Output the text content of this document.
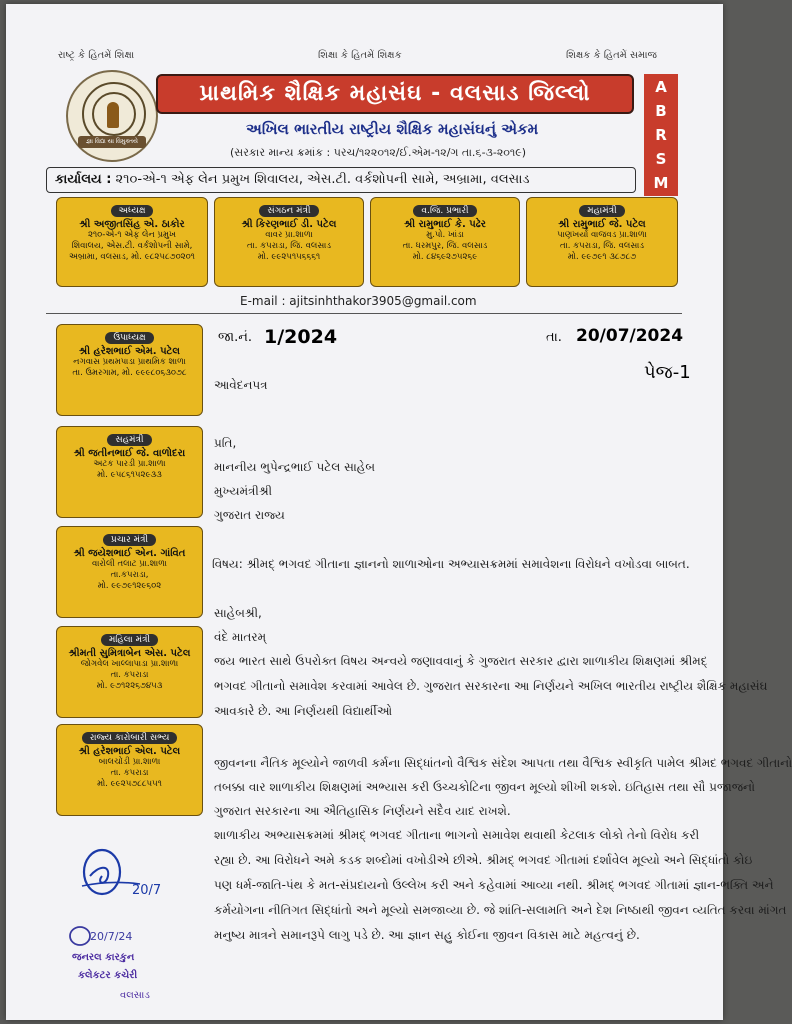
રાષ્ટ્ર કે હિતમેં શિક્ષા	શિક્ષા કે હિતમેં શિક્ષક	શિક્ષક કે હિતમેં સમાજ
જ્ઞા વિદ્યા યા વિમુક્તયે
પ્રાથમિક શૈક્ષિક મહાસંઘ - વલસાડ જિલ્લો	A
B
R
S
M
અખિલ ભારતીય રાષ્ટ્રીય શૈક્ષિક મહાસંઘનું એકમ
(સરકાર માન્ય ક્રમાંક : પરચ/૧૨૨૦૧૨/ઈ.એમ-૧૨/ગ તા.૬-૩-૨૦૧૯)
કાર્યાલય : ૨૧૦-એ-૧ એફ લેન પ્રમુખ શિવાલય, એસ.ટી. વર્કશોપની સામે, અબ્રામા, વલસાડ
અધ્યક્ષ
શ્રી અજીતસિંહ એ. ઠાકોર
૨૧૦-એ-૧ એફ લેન પ્રમુખ
શિવાલય, એસ.ટી. વર્કશોપની સામે,
અબ્રામા, વલસાડ, મો. ૯૮૨૫૮૭૦૨૦૧
સંગઠન મંત્રી
શ્રી કિરણભાઈ ડી. પટેલ
વાવર પ્રા.શાળા
તા. કપરાડા, જિ. વલસાડ
મો. ૯૯૨૫૧૫૬૬૬૧
વ.જિ. પ્રભારી
શ્રી રામુભાઈ કે. પઢેર
મુ.પો. ખાંડા
તા. ધરમપુર, જિ. વલસાડ
મો. ૮૪૬૯૨૭૫૨૬૯
મહામંત્રી
શ્રી રામુભાઈ જે. પટેલ
પાણખર્યા વાજવડ પ્રા.શાળા
તા. કપરાડા, જિ. વલસાડ
મો. ૯૯૭૯૧ ૩૮૭૮૭
E-mail : ajitsinhthakor3905@gmail.com
ઉપાધ્યક્ષ
શ્રી હરેશભાઈ એમ. પટેલ
નગવાસ પ્રથમપાડા પ્રાથમિક શાળા
તા. ઉમરગામ, મો. ૯૯૯૮૦૬૩૦૭૮
સહમંત્રી
શ્રી જતીનભાઈ જે. વાળોદરા
અટક પારડી પ્રા.શાળા
મો. ૯૫૮૬૧૫૨૯૩૩
પ્રચાર મંત્રી
શ્રી જયેશભાઈ એન. ગાંવિત
વારોલી તલાટ પ્રા.શાળા
તા.કપરાડા,
મો. ૯૯૭૯૧૨૯૬૦૨
મહિલા મંત્રી
શ્રીમતી સુમિત્રાબેન એસ. પટેલ
જોગવેલ ખાલ્લાપાડા પ્રા.શાળા
તા. કપરાડા
મો. ૯૭૧૨૨૬૭૪૫૩
રાજ્ય કારોબારી સભ્ય
શ્રી હરેશભાઈ એલ. પટેલ
બાલચોંડી પ્રા.શાળા
તા. કપરાડા
મો. ૯૯૨૫૭૮૮૫૫૧
જા.નં. 1/2024	તા. 20/07/2024
પેજ-1
આવેદનપત્ર
પ્રતિ,
માનનીય ભુપેન્દ્રભાઈ પટેલ સાહેબ
મુખ્યમંત્રીશ્રી
ગુજરાત રાજ્ય
વિષય: શ્રીમદ્ ભગવદ ગીતાના જ્ઞાનનો શાળાઓના અભ્યાસક્રમમાં સમાવેશના વિરોધને વખોડવા બાબત.
સાહેબશ્રી,
વંદે માતરમ્
જય ભારત સાથે ઉપરોક્ત વિષય અન્વયે જણાવવાનું કે ગુજરાત સરકાર દ્વારા શાળાકીય શિક્ષણમાં શ્રીમદ્
ભગવદ ગીતાનો સમાવેશ કરવામાં આવેલ છે. ગુજરાત સરકારના આ નિર્ણયને અખિલ ભારતીય રાષ્ટ્રીય શૈક્ષિક મહાસંઘ
આવકારે છે. આ નિર્ણયથી વિદ્યાર્થીઓ
જીવનના નૈતિક મૂલ્યોને જાળવી કર્મના સિદ્ધાંતનો વૈશ્વિક સંદેશ આપતા તથા વૈશ્વિક સ્વીકૃતિ પામેલ શ્રીમદ ભગવદ ગીતાનો
તબક્કા વાર શાળાકીય શિક્ષણમાં અભ્યાસ કરી ઉચ્ચકોટિના જીવન મૂલ્યો શીખી શકશે. ઇતિહાસ તથા સૌ પ્રજાજનો
ગુજરાત સરકારના આ ઐતિહાસિક નિર્ણયને સદૈવ યાદ રાખશે.
શાળાકીય અભ્યાસક્રમમાં શ્રીમદ્ ભગવદ ગીતાના ભાગનો સમાવેશ થવાથી કેટલાક લોકો તેનો વિરોધ કરી
રહ્યા છે. આ વિરોધને અમે કડક શબ્દોમાં વખોડીએ છીએ. શ્રીમદ્ ભગવદ ગીતામાં દર્શાવેલ મૂલ્યો અને સિદ્ધાંતો કોઇ
પણ ધર્મ-જાતિ-પંથ કે મત-સંપ્રદાયનો ઉલ્લેખ કરી અને કહેવામાં આવ્યા નથી. શ્રીમદ્ ભગવદ ગીતામાં જ્ઞાન-ભક્તિ અને
કર્મયોગના નીતિગત સિદ્ધાંતો અને મૂલ્યો સમજાવ્યા છે. જે શાંતિ-સલામતિ અને દેશ નિષ્ઠાથી જીવન વ્યતિત કરવા માંગત
મનુષ્ય માત્રને સમાનરૂપે લાગુ પડે છે. આ જ્ઞાન સહુ કોઈના જીવન વિકાસ માટે મહત્વનું છે.
20/7
20/7/24
જનરલ કારકુન
કલેકટર કચેરી
વલસાડ
